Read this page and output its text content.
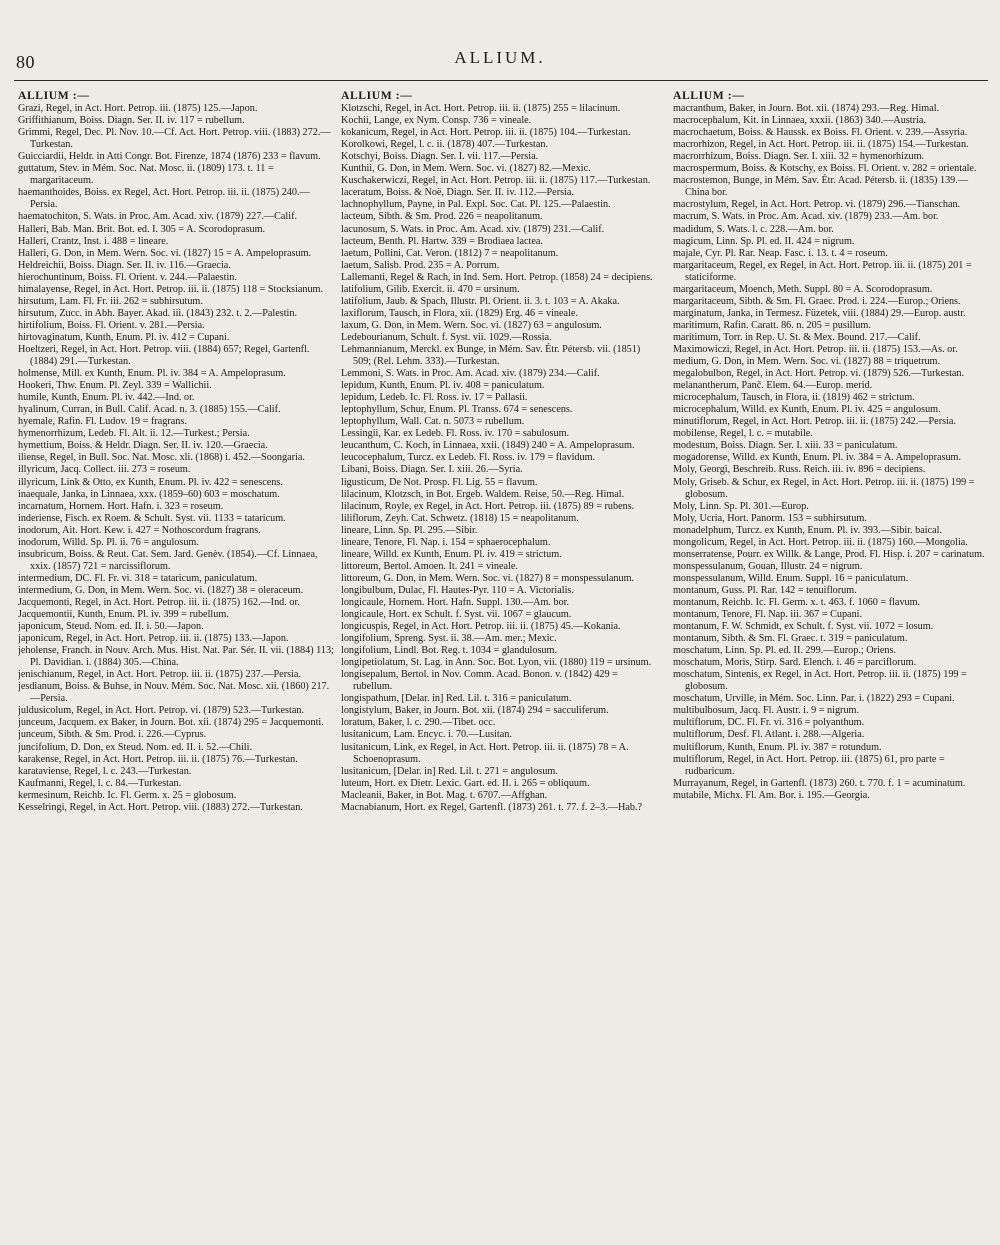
80	ALLIUM.
ALLIUM :—
Grazi, Regel, in Act. Hort. Petrop. iii. (1875) 125.—Japon.
Griffithianum, Boiss. Diagn. Ser. II. iv. 117 = rubellum.
Grimmi, Regel, Dec. Pl. Nov. 10.—Cf. Act. Hort. Petrop. viii. (1883) 272.—Turkestan.
Guicciardii, Heldr. in Atti Congr. Bot. Firenze, 1874 (1876) 233 = flavum.
guttatum, Stev. in Mém. Soc. Nat. Mosc. ii. (1809) 173. t. 11 = margaritaceum.
haemanthoides, Boiss. ex Regel, Act. Hort. Petrop. iii. ii. (1875) 240.—Persia.
haematochiton, S. Wats. in Proc. Am. Acad. xiv. (1879) 227.—Calif.
Halleri, Bab. Man. Brit. Bot. ed. I. 305 = A. Scorodoprasum.
Halleri, Crantz, Inst. i. 488 = lineare.
Halleri, G. Don, in Mem. Wern. Soc. vi. (1827) 15 = A. Ampeloprasum.
Heldreichii, Boiss. Diagn. Ser. II. iv. 116.—Graecia.
hierochuntinum, Boiss. Fl. Orient. v. 244.—Palaestin.
himalayense, Regel, in Act. Hort. Petrop. iii. ii. (1875) 118 = Stocksianum.
hirsutum, Lam. Fl. Fr. iii. 262 = subhirsutum.
hirsutum, Zucc. in Abh. Bayer. Akad. iii. (1843) 232. t. 2.—Palestin.
hirtifolium, Boiss. Fl. Orient. v. 281.—Persia.
hirtovaginatum, Kunth, Enum. Pl. iv. 412 = Cupani.
Hoeltzeri, Regel, in Act. Hort. Petrop. viii. (1884) 657; Regel, Gartenfl. (1884) 291.—Turkestan.
holmense, Mill. ex Kunth, Enum. Pl. iv. 384 = A. Ampeloprasum.
Hookeri, Thw. Enum. Pl. Zeyl. 339 = Wallichii.
humile, Kunth, Enum. Pl. iv. 442.—Ind. or.
hyalinum, Curran, in Bull. Calif. Acad. n. 3. (1885) 155.—Calif.
hyemale, Rafin. Fl. Ludov. 19 = fragrans.
hymenorrhizum, Ledeb. Fl. Alt. ii. 12.—Turkest.; Persia.
hymettium, Boiss. & Heldr. Diagn. Ser. II. iv. 120.—Graecia.
iliense, Regel, in Bull. Soc. Nat. Mosc. xli. (1868) i. 452.—Soongaria.
illyricum, Jacq. Collect. iii. 273 = roseum.
illyricum, Link & Otto, ex Kunth, Enum. Pl. iv. 422 = senescens.
inaequale, Janka, in Linnaea, xxx. (1859–60) 603 = moschatum.
incarnatum, Hornem. Hort. Hafn. i. 323 = roseum.
inderiense, Fisch. ex Roem. & Schult. Syst. vii. 1133 = tataricum.
inodorum, Ait. Hort. Kew. i. 427 = Nothoscordum fragrans.
inodorum, Willd. Sp. Pl. ii. 76 = angulosum.
insubricum, Boiss. & Reut. Cat. Sem. Jard. Genèv. (1854).—Cf. Linnaea, xxix. (1857) 721 = narcissiflorum.
intermedium, DC. Fl. Fr. vi. 318 = tataricum, paniculatum.
intermedium, G. Don, in Mem. Wern. Soc. vi. (1827) 38 = oleraceum.
Jacquemonti, Regel, in Act. Hort. Petrop. iii. ii. (1875) 162.—Ind. or.
Jacquemontii, Kunth, Enum. Pl. iv. 399 = rubellum.
japonicum, Steud. Nom. ed. II. i. 50.—Japon.
japonicum, Regel, in Act. Hort. Petrop. iii. ii. (1875) 133.—Japon.
jeholense, Franch. in Nouv. Arch. Mus. Hist. Nat. Par. Sér. II. vii. (1884) 113; Pl. Davidian. i. (1884) 305.—China.
jenischianum, Regel, in Act. Hort. Petrop. iii. ii. (1875) 237.—Persia.
jesdianum, Boiss. & Buhse, in Nouv. Mém. Soc. Nat. Mosc. xii. (1860) 217.—Persia.
juldusicolum, Regel, in Act. Hort. Petrop. vi. (1879) 523.—Turkestan.
junceum, Jacquem. ex Baker, in Journ. Bot. xii. (1874) 295 = Jacquemonti.
junceum, Sibth. & Sm. Prod. i. 226.—Cyprus.
juncifolium, D. Don, ex Steud. Nom. ed. II. i. 52.—Chili.
karakense, Regel, in Act. Hort. Petrop. iii. ii. (1875) 76.—Turkestan.
karataviense, Regel, l. c. 243.—Turkestan.
Kaufmanni, Regel, l. c. 84.—Turkestan.
kermesinum, Reichb. Ic. Fl. Germ. x. 25 = globosum.
Kesselringi, Regel, in Act. Hort. Petrop. viii. (1883) 272.—Turkestan.
ALLIUM :—
Klotzschi, Regel, in Act. Hort. Petrop. iii. ii. (1875) 255 = lilacinum.
Kochii, Lange, ex Nym. Consp. 736 = vineale.
kokanicum, Regel, in Act. Hort. Petrop. iii. ii. (1875) 104.—Turkestan.
Korolkowi, Regel, l. c. ii. (1878) 407.—Turkestan.
Kotschyi, Boiss. Diagn. Ser. I. vii. 117.—Persia.
Kunthii, G. Don, in Mem. Wern. Soc. vi. (1827) 82.—Mexic.
Kuschakerwiczi, Regel, in Act. Hort. Petrop. iii. ii. (1875) 117.—Turkestan.
laceratum, Boiss. & Noë, Diagn. Ser. II. iv. 112.—Persia.
lachnophyllum, Payne, in Pal. Expl. Soc. Cat. Pl. 125.—Palaestin.
lacteum, Sibth. & Sm. Prod. 226 = neapolitanum.
lacunosum, S. Wats. in Proc. Am. Acad. xiv. (1879) 231.—Calif.
lacteum, Benth. Pl. Hartw. 339 = Brodiaea lactea.
laetum, Pollini, Cat. Veron. (1812) 7 = neapolitanum.
laetum, Salisb. Prod. 235 = A. Porrum.
Lallemanti, Regel & Rach, in Ind. Sem. Hort. Petrop. (1858) 24 = decipiens.
latifolium, Gilib. Exercit. ii. 470 = ursinum.
latifolium, Jaub. & Spach, Illustr. Pl. Orient. ii. 3. t. 103 = A. Akaka.
laxiflorum, Tausch, in Flora, xii. (1829) Erg. 46 = vineale.
laxum, G. Don, in Mem. Wern. Soc. vi. (1827) 63 = angulosum.
Ledebourianum, Schult. f. Syst. vii. 1029.—Rossia.
Lehmannianum, Merckl. ex Bunge, in Mém. Sav. Étr. Pétersb. vii. (1851) 509; (Rel. Lehm. 333).—Turkestan.
Lemmoni, S. Wats. in Proc. Am. Acad. xiv. (1879) 234.—Calif.
lepidum, Kunth, Enum. Pl. iv. 408 = paniculatum.
lepidum, Ledeb. Ic. Fl. Ross. iv. 17 = Pallasii.
leptophyllum, Schur, Enum. Pl. Transs. 674 = senescens.
leptophyllum, Wall. Cat. n. 5073 = rubellum.
Lessingii, Kar. ex Ledeb. Fl. Ross. iv. 170 = sabulosum.
leucanthum, C. Koch, in Linnaea, xxii. (1849) 240 = A. Ampeloprasum.
leucocephalum, Turcz. ex Ledeb. Fl. Ross. iv. 179 = flavidum.
Libani, Boiss. Diagn. Ser. I. xiii. 26.—Syria.
ligusticum, De Not. Prosp. Fl. Lig. 55 = flavum.
lilacinum, Klotzsch, in Bot. Ergeb. Waldem. Reise, 50.—Reg. Himal.
lilacinum, Royle, ex Regel, in Act. Hort. Petrop. iii. (1875) 89 = rubens.
liliflorum, Zeyh. Cat. Schwetz. (1818) 15 = neapolitanum.
lineare, Linn. Sp. Pl. 295.—Sibir.
lineare, Tenore, Fl. Nap. i. 154 = sphaerocephalum.
lineare, Willd. ex Kunth, Enum. Pl. iv. 419 = strictum.
littoreum, Bertol. Amoen. It. 241 = vineale.
littoreum, G. Don, in Mem. Wern. Soc. vi. (1827) 8 = monspessulanum.
longibulbum, Dulac, Fl. Hautes-Pyr. 110 = A. Victorialis.
longicaule, Hornem. Hort. Hafn. Suppl. 130.—Am. bor.
longicaule, Hort. ex Schult. f. Syst. vii. 1067 = glaucum.
longicuspis, Regel, in Act. Hort. Petrop. iii. ii. (1875) 45.—Kokania.
longifolium, Spreng. Syst. ii. 38.—Am. mer.; Mexic.
longifolium, Lindl. Bot. Reg. t. 1034 = glandulosum.
longipetiolatum, St. Lag. in Ann. Soc. Bot. Lyon, vii. (1880) 119 = ursinum.
longisepalum, Bertol. in Nov. Comm. Acad. Bonon. v. (1842) 429 = rubellum.
longispathum, [Delar. in] Red. Lil. t. 316 = paniculatum.
longistylum, Baker, in Journ. Bot. xii. (1874) 294 = sacculiferum.
loratum, Baker, l. c. 290.—Tibet. occ.
lusitanicum, Lam. Encyc. i. 70.—Lusitan.
lusitanicum, Link, ex Regel, in Act. Hort. Petrop. iii. ii. (1875) 78 = A. Schoenoprasum.
lusitanicum, [Delar. in] Red. Lil. t. 271 = angulosum.
luteum, Hort. ex Dietr. Lexic. Gart. ed. II. i. 265 = obliquum.
Macleanii, Baker, in Bot. Mag. t. 6707.—Affghan.
Macnabianum, Hort. ex Regel, Gartenfl. (1873) 261. t. 77. f. 2–3.—Hab.?
ALLIUM :—
macranthum, Baker, in Journ. Bot. xii. (1874) 293.—Reg. Himal.
macrocephalum, Kit. in Linnaea, xxxii. (1863) 340.—Austria.
macrochaetum, Boiss. & Haussk. ex Boiss. Fl. Orient. v. 239.—Assyria.
macrorhizon, Regel, in Act. Hort. Petrop. iii. ii. (1875) 154.—Turkestan.
macrorrhizum, Boiss. Diagn. Ser. I. xiii. 32 = hymenorhizum.
macrospermum, Boiss. & Kotschy, ex Boiss. Fl. Orient. v. 282 = orientale.
macrostemon, Bunge, in Mém. Sav. Étr. Acad. Pétersb. ii. (1835) 139.—China bor.
macrostylum, Regel, in Act. Hort. Petrop. vi. (1879) 296.—Tianschan.
macrum, S. Wats. in Proc. Am. Acad. xiv. (1879) 233.—Am. bor.
madidum, S. Wats. l. c. 228.—Am. bor.
magicum, Linn. Sp. Pl. ed. II. 424 = nigrum.
majale, Cyr. Pl. Rar. Neap. Fasc. i. 13. t. 4 = roseum.
margaritaceum, Regel, ex Regel, in Act. Hort. Petrop. iii. ii. (1875) 201 = staticiforme.
margaritaceum, Moench, Meth. Suppl. 80 = A. Scorodoprasum.
margaritaceum, Sibth. & Sm. Fl. Graec. Prod. i. 224.—Europ.; Oriens.
marginatum, Janka, in Termesz. Füzetek, viii. (1884) 29.—Europ. austr.
maritimum, Rafin. Caratt. 86. n. 205 = pusillum.
maritimum, Torr. in Rep. U. St. & Mex. Bound. 217.—Calif.
Maximowiczi, Regel, in Act. Hort. Petrop. iii. ii. (1875) 153.—As. or.
medium, G. Don, in Mem. Wern. Soc. vi. (1827) 88 = triquetrum.
megalobulbon, Regel, in Act. Hort. Petrop. vi. (1879) 526.—Turkestan.
melanantherum, Panč. Elem. 64.—Europ. merid.
microcephalum, Tausch, in Flora, ii. (1819) 462 = strictum.
microcephalum, Willd. ex Kunth, Enum. Pl. iv. 425 = angulosum.
minutiflorum, Regel, in Act. Hort. Petrop. iii. ii. (1875) 242.—Persia.
mobilense, Regel, l. c. = mutabile.
modestum, Boiss. Diagn. Ser. I. xiii. 33 = paniculatum.
mogadorense, Willd. ex Kunth, Enum. Pl. iv. 384 = A. Ampeloprasum.
Moly, Georgi, Beschreib. Russ. Reich. iii. iv. 896 = decipiens.
Moly, Griseb. & Schur, ex Regel, in Act. Hort. Petrop. iii. ii. (1875) 199 = globosum.
Moly, Linn. Sp. Pl. 301.—Europ.
Moly, Ucria, Hort. Panorm. 153 = subhirsutum.
monadelphum, Turcz. ex Kunth, Enum. Pl. iv. 393.—Sibir. baical.
mongolicum, Regel, in Act. Hort. Petrop. iii. ii. (1875) 160.—Mongolia.
monserratense, Pourr. ex Willk. & Lange, Prod. Fl. Hisp. i. 207 = carinatum.
monspessulanum, Gouan, Illustr. 24 = nigrum.
monspessulanum, Willd. Enum. Suppl. 16 = paniculatum.
montanum, Guss. Pl. Rar. 142 = tenuiflorum.
montanum, Reichb. Ic. Fl. Germ. x. t. 463. f. 1060 = flavum.
montanum, Tenore, Fl. Nap. iii. 367 = Cupani.
montanum, F. W. Schmidt, ex Schult. f. Syst. vii. 1072 = losum.
montanum, Sibth. & Sm. Fl. Graec. t. 319 = paniculatum.
moschatum, Linn. Sp. Pl. ed. II. 299.—Europ.; Oriens.
moschatum, Moris, Stirp. Sard. Elench. i. 46 = parciflorum.
moschatum, Sintenis, ex Regel, in Act. Hort. Petrop. iii. ii. (1875) 199 = globosum.
moschatum, Urville, in Mém. Soc. Linn. Par. i. (1822) 293 = Cupani.
multibulbosum, Jacq. Fl. Austr. i. 9 = nigrum.
multiflorum, DC. Fl. Fr. vi. 316 = polyanthum.
multiflorum, Desf. Fl. Atlant. i. 288.—Algeria.
multiflorum, Kunth, Enum. Pl. iv. 387 = rotundum.
multiflorum, Regel, in Act. Hort. Petrop. iii. (1875) 61, pro parte = rudbaricum.
Murrayanum, Regel, in Gartenfl. (1873) 260. t. 770. f. 1 = acuminatum.
mutabile, Michx. Fl. Am. Bor. i. 195.—Georgia.
